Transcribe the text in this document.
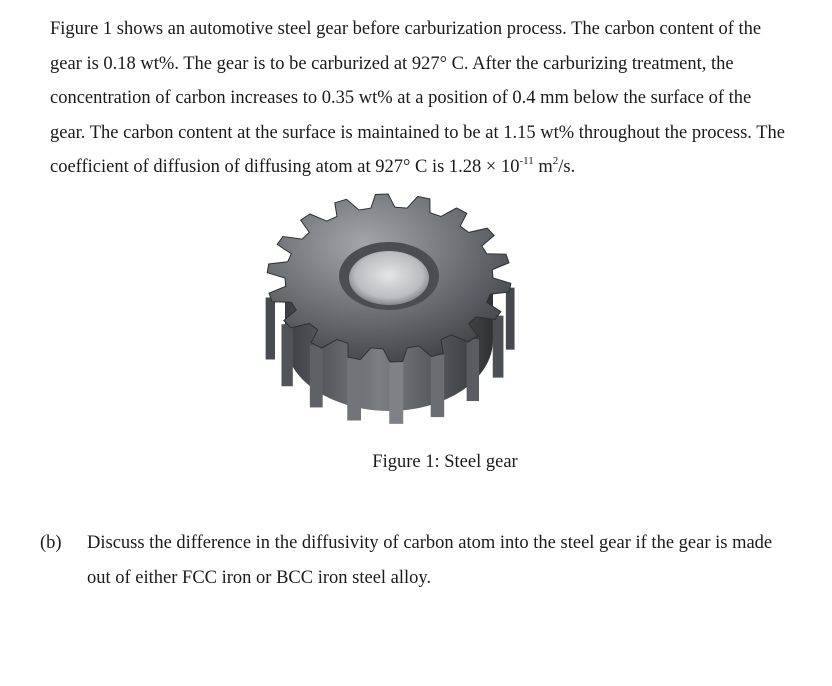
Figure 1 shows an automotive steel gear before carburization process. The carbon content of the gear is 0.18 wt%. The gear is to be carburized at 927° C. After the carburizing treatment, the concentration of carbon increases to 0.35 wt% at a position of 0.4 mm below the surface of the gear. The carbon content at the surface is maintained to be at 1.15 wt% throughout the process. The coefficient of diffusion of diffusing atom at 927° C is $1.28 \times 10^{-11}$ $m^2/s$.

Figure 1: Steel gear

(b) Discuss the difference in the diffusivity of carbon atom into the steel gear if the gear is made out of either FCC iron or BCC iron steel alloy.
